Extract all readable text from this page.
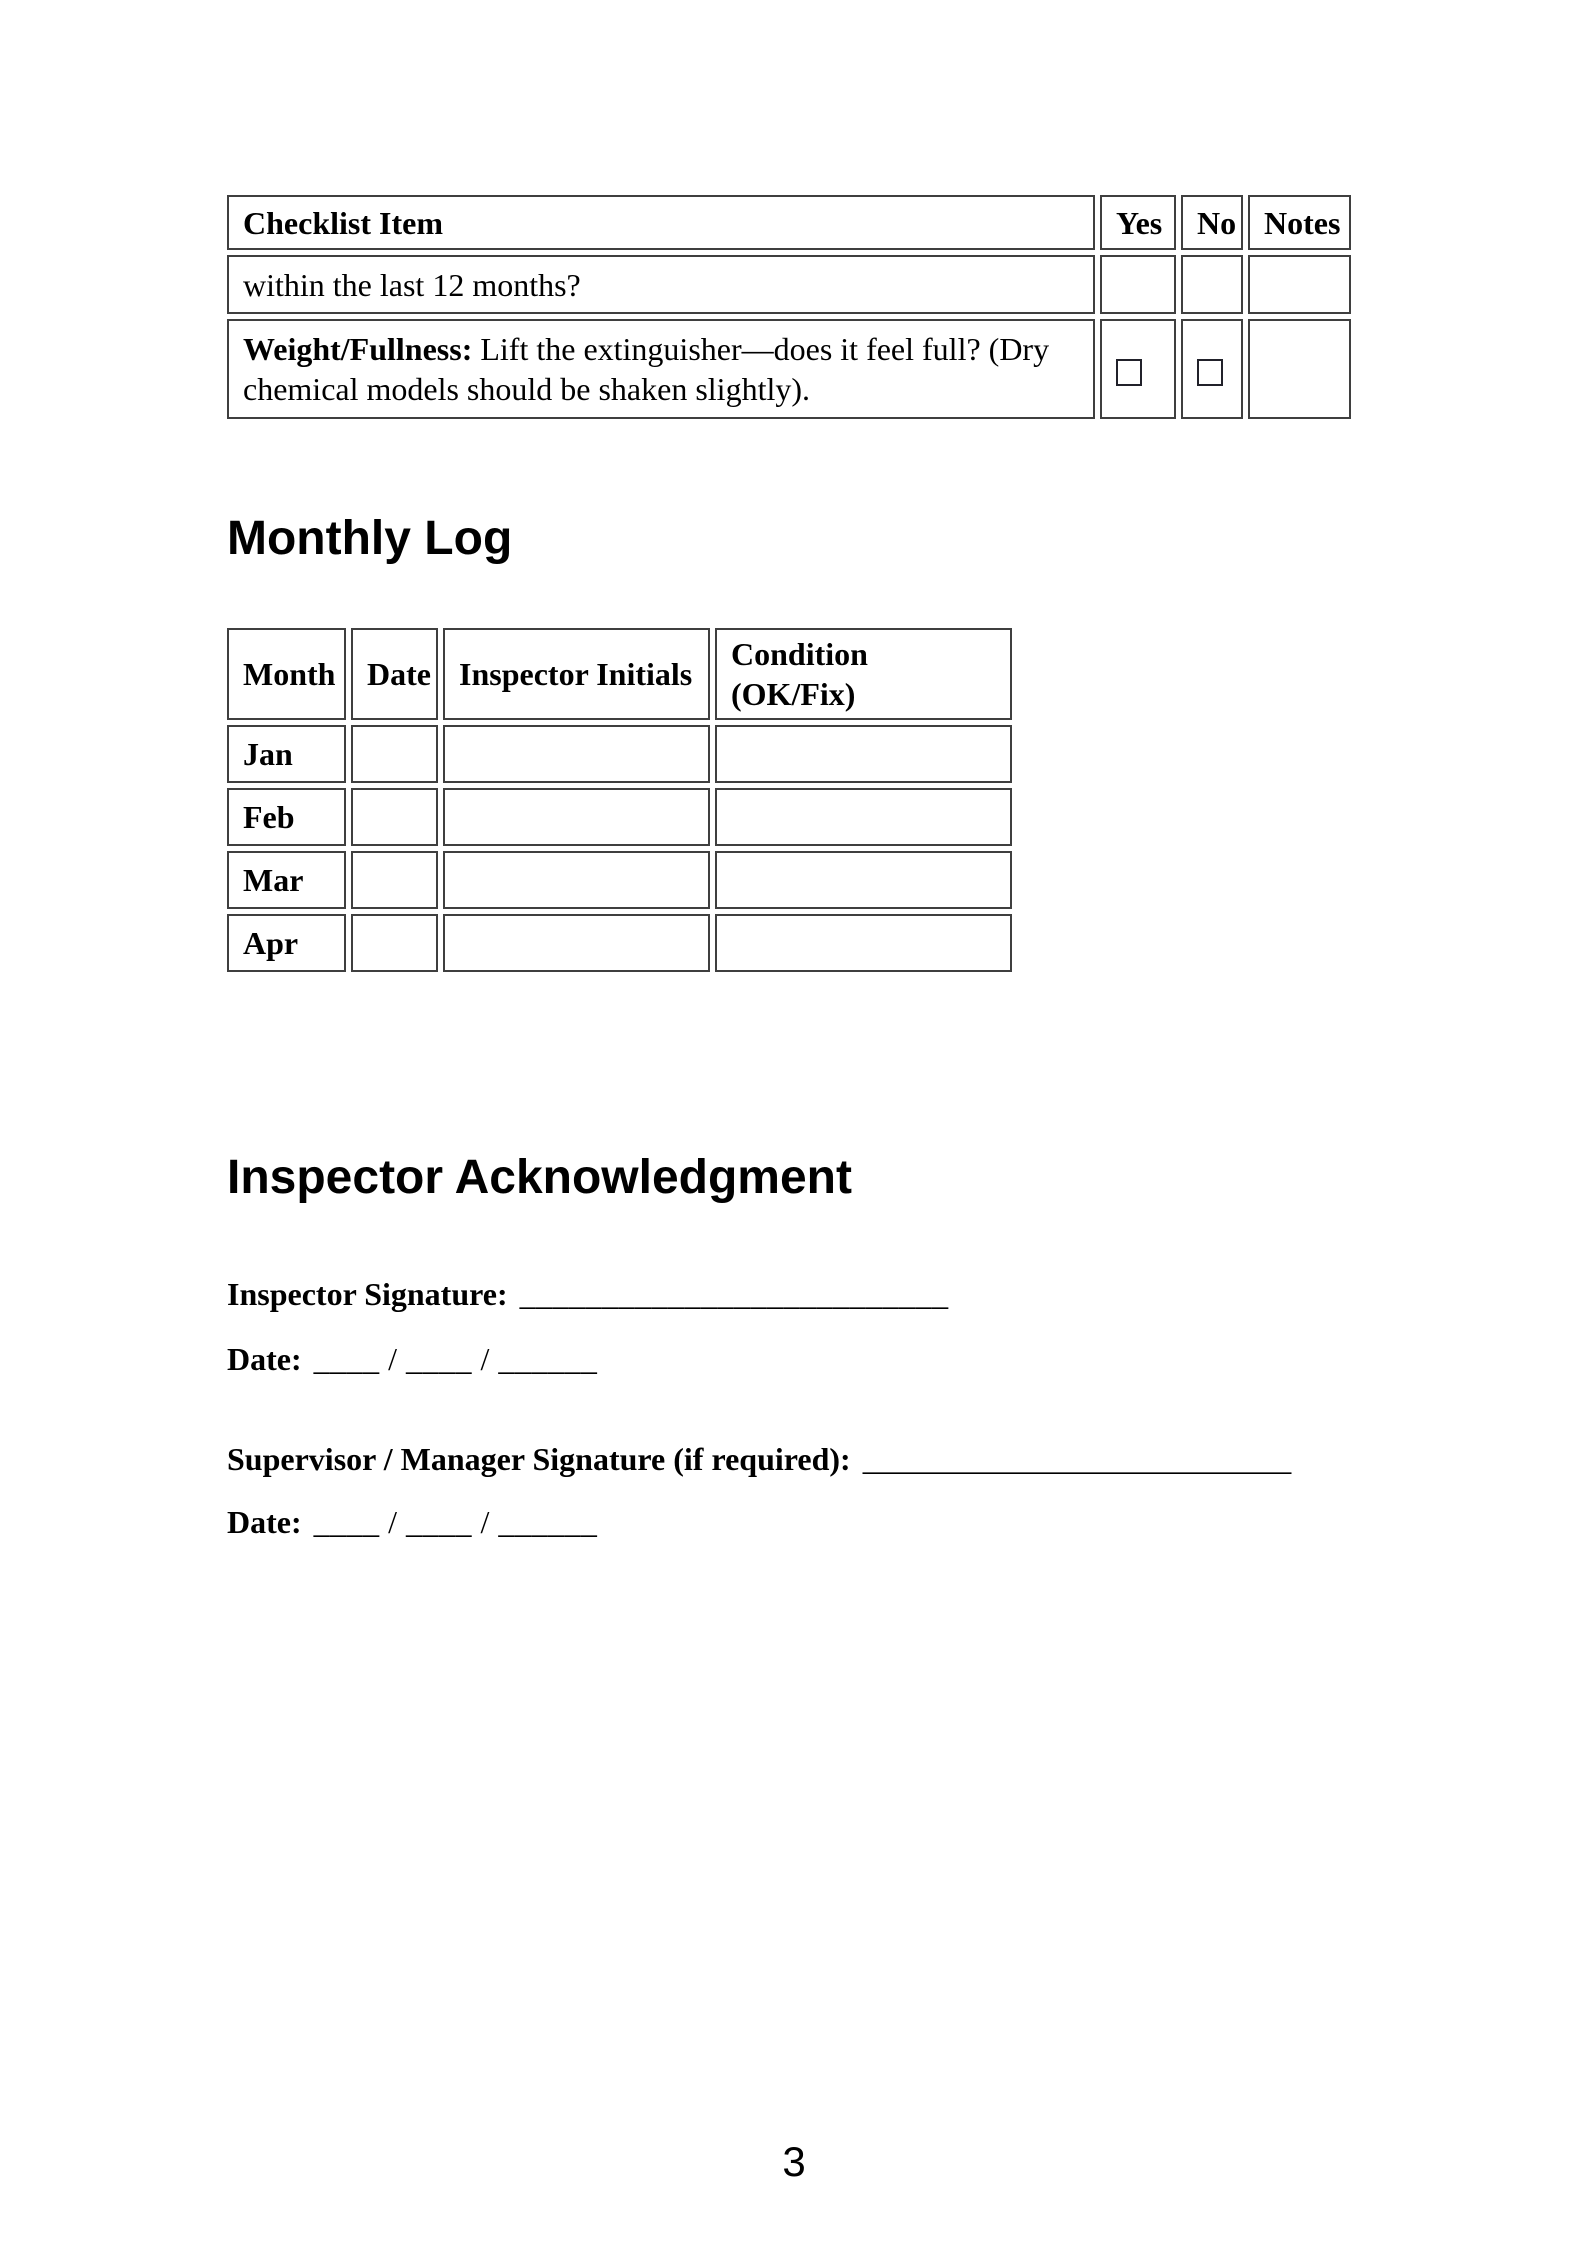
Checklist Item	Yes	No	Notes
within the last 12 months?			
Weight/Fullness: Lift the extinguisher—does it feel full? (Dry
chemical models should be shaken slightly).			

Monthly Log
Month	Date	Inspector Initials	Condition (OK/Fix)
Jan			
Feb			
Mar			
Apr			
Inspector Acknowledgment
Inspector Signature: __________________________
Date: ____ / ____ / ______
Supervisor / Manager Signature (if required): __________________________
Date: ____ / ____ / ______
3
